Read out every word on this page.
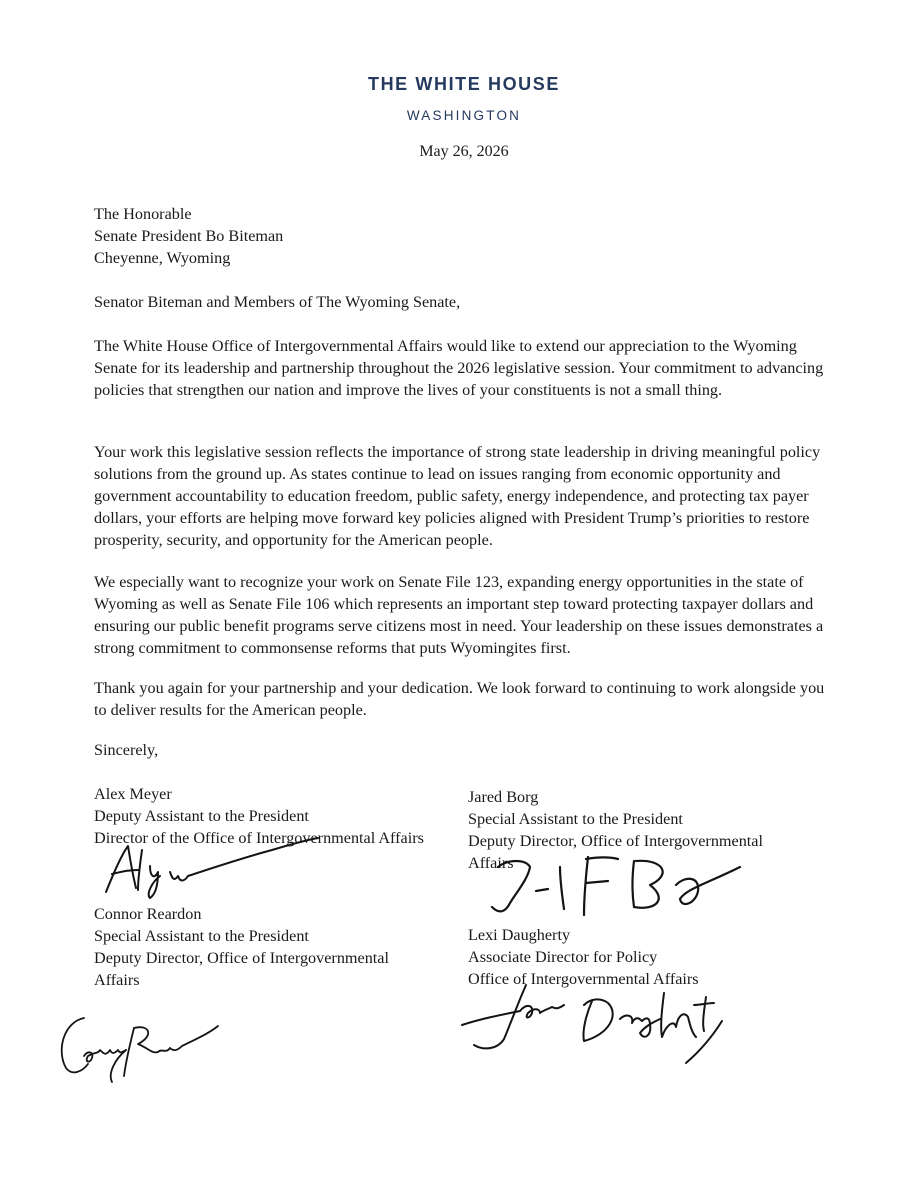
THE WHITE HOUSE
WASHINGTON
May 26, 2026
The Honorable
Senate President Bo Biteman
Cheyenne, Wyoming
Senator Biteman and Members of The Wyoming Senate,

The White House Office of Intergovernmental Affairs would like to extend our appreciation to the Wyoming Senate for its leadership and partnership throughout the 2026 legislative session. Your commitment to advancing policies that strengthen our nation and improve the lives of your constituents is not a small thing.

Your work this legislative session reflects the importance of strong state leadership in driving meaningful policy solutions from the ground up. As states continue to lead on issues ranging from economic opportunity and government accountability to education freedom, public safety, energy independence, and protecting tax payer dollars, your efforts are helping move forward key policies aligned with President Trump’s priorities to restore prosperity, security, and opportunity for the American people.

We especially want to recognize your work on Senate File 123, expanding energy opportunities in the state of Wyoming as well as Senate File 106 which represents an important step toward protecting taxpayer dollars and ensuring our public benefit programs serve citizens most in need. Your leadership on these issues demonstrates a strong commitment to commonsense reforms that puts Wyomingites first.

Thank you again for your partnership and your dedication. We look forward to continuing to work alongside you to deliver results for the American people.

Sincerely,
Alex Meyer
Deputy Assistant to the President
Director of the Office of Intergovernmental Affairs
Jared Borg
Special Assistant to the President
Deputy Director, Office of Intergovernmental
Affairs
Connor Reardon
Special Assistant to the President
Deputy Director, Office of Intergovernmental
Affairs
Lexi Daugherty
Associate Director for Policy
Office of Intergovernmental Affairs
